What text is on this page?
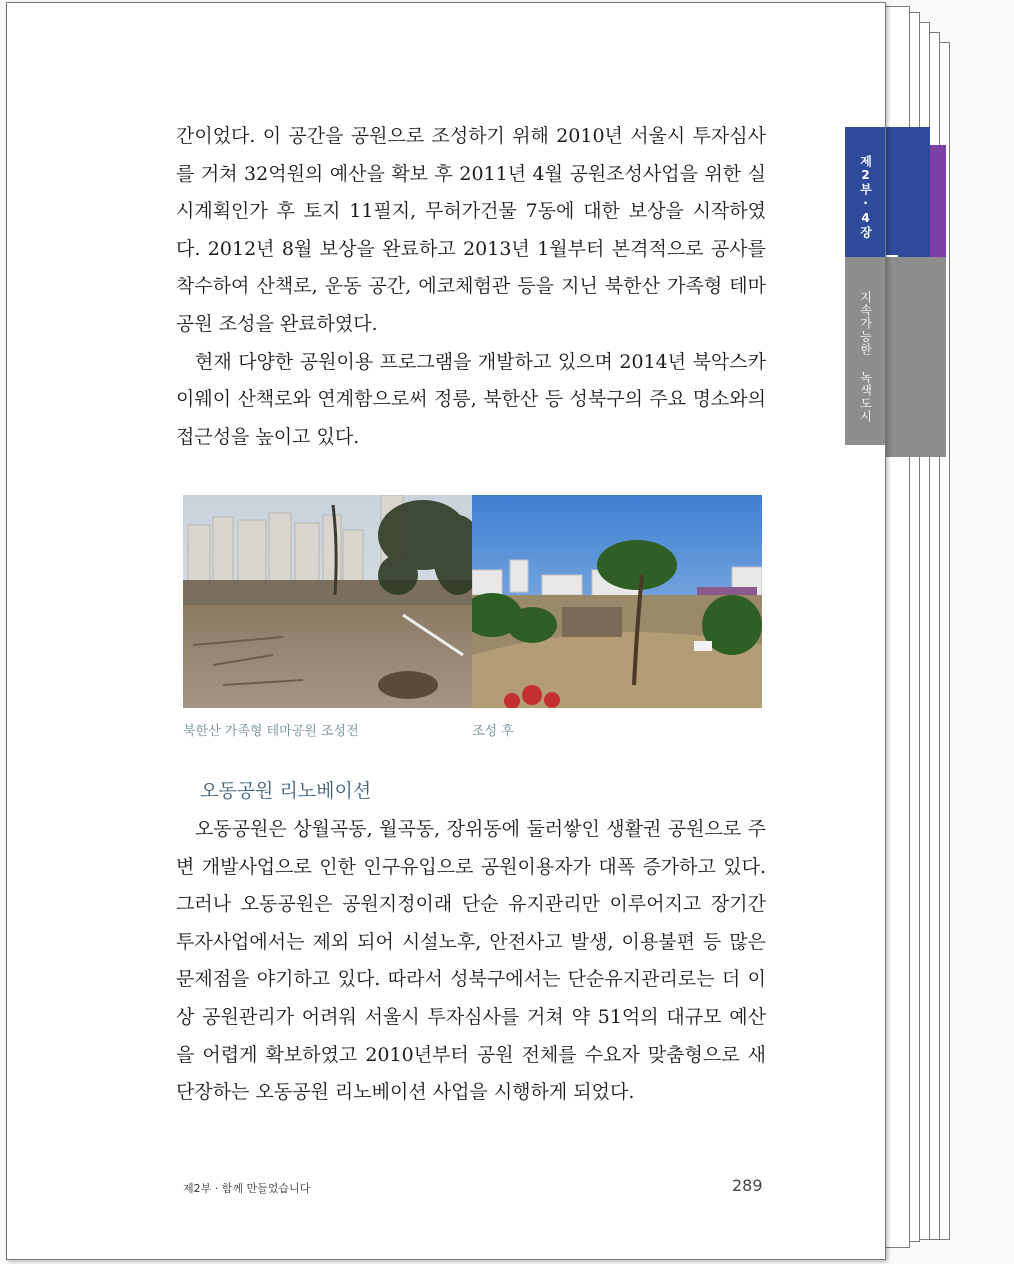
제2부·4장
지속가능한 녹색도시

간이었다. 이 공간을 공원으로 조성하기 위해 2010년 서울시 투자심사를 거쳐 32억원의 예산을 확보 후 2011년 4월 공원조성사업을 위한 실시계획인가 후 토지 11필지, 무허가건물 7동에 대한 보상을 시작하였다. 2012년 8월 보상을 완료하고 2013년 1월부터 본격적으로 공사를 착수하여 산책로, 운동 공간, 에코체험관 등을 지닌 북한산 가족형 테마공원 조성을 완료하였다.

현재 다양한 공원이용 프로그램을 개발하고 있으며 2014년 북악스카이웨이 산책로와 연계함으로써 정릉, 북한산 등 성북구의 주요 명소와의 접근성을 높이고 있다.

북한산 가족형 테마공원 조성전	조성 후
오동공원 리노베이션

오동공원은 상월곡동, 월곡동, 장위동에 둘러쌓인 생활권 공원으로 주변 개발사업으로 인한 인구유입으로 공원이용자가 대폭 증가하고 있다. 그러나 오동공원은 공원지정이래 단순 유지관리만 이루어지고 장기간 투자사업에서는 제외 되어 시설노후, 안전사고 발생, 이용불편 등 많은 문제점을 야기하고 있다. 따라서 성북구에서는 단순유지관리로는 더 이상 공원관리가 어려워 서울시 투자심사를 거쳐 약 51억의 대규모 예산을 어렵게 확보하였고 2010년부터 공원 전체를 수요자 맞춤형으로 새단장하는 오동공원 리노베이션 사업을 시행하게 되었다.

제2부 · 함께 만들었습니다	289
